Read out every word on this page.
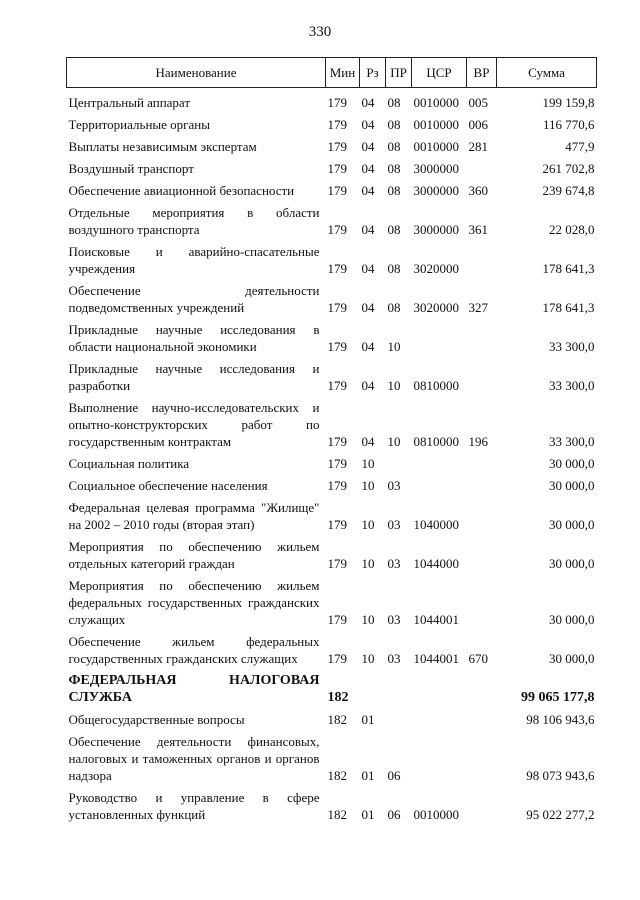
330
Наименование	Мин	Рз	ПР	ЦСР	ВР	Сумма
Центральный аппарат	179	04	08	0010000	005	199 159,8
Территориальные органы	179	04	08	0010000	006	116 770,6
Выплаты независимым экспертам	179	04	08	0010000	281	477,9
Воздушный транспорт	179	04	08	3000000		261 702,8
Обеспечение авиационной безопасности	179	04	08	3000000	360	239 674,8
Отдельные мероприятия в области воздушного транспорта	179	04	08	3000000	361	22 028,0
Поисковые и аварийно-спасательные учреждения	179	04	08	3020000		178 641,3
Обеспечение деятельности подведомственных учреждений	179	04	08	3020000	327	178 641,3
Прикладные научные исследования в области национальной экономики	179	04	10			33 300,0
Прикладные научные исследования и разработки	179	04	10	0810000		33 300,0
Выполнение научно-исследовательских и опытно-конструкторских работ по государственным контрактам	179	04	10	0810000	196	33 300,0
Социальная политика	179	10				30 000,0
Социальное обеспечение населения	179	10	03			30 000,0
Федеральная целевая программа "Жилище" на 2002 – 2010 годы (вторая этап)	179	10	03	1040000		30 000,0
Мероприятия по обеспечению жильем отдельных категорий граждан	179	10	03	1044000		30 000,0
Мероприятия по обеспечению жильем федеральных государственных гражданских служащих	179	10	03	1044001		30 000,0
Обеспечение жильем федеральных государственных гражданских служащих	179	10	03	1044001	670	30 000,0
ФЕДЕРАЛЬНАЯ НАЛОГОВАЯ СЛУЖБА	182					99 065 177,8
Общегосударственные вопросы	182	01				98 106 943,6
Обеспечение деятельности финансовых, налоговых и таможенных органов и органов надзора	182	01	06			98 073 943,6
Руководство и управление в сфере установленных функций	182	01	06	0010000		95 022 277,2
